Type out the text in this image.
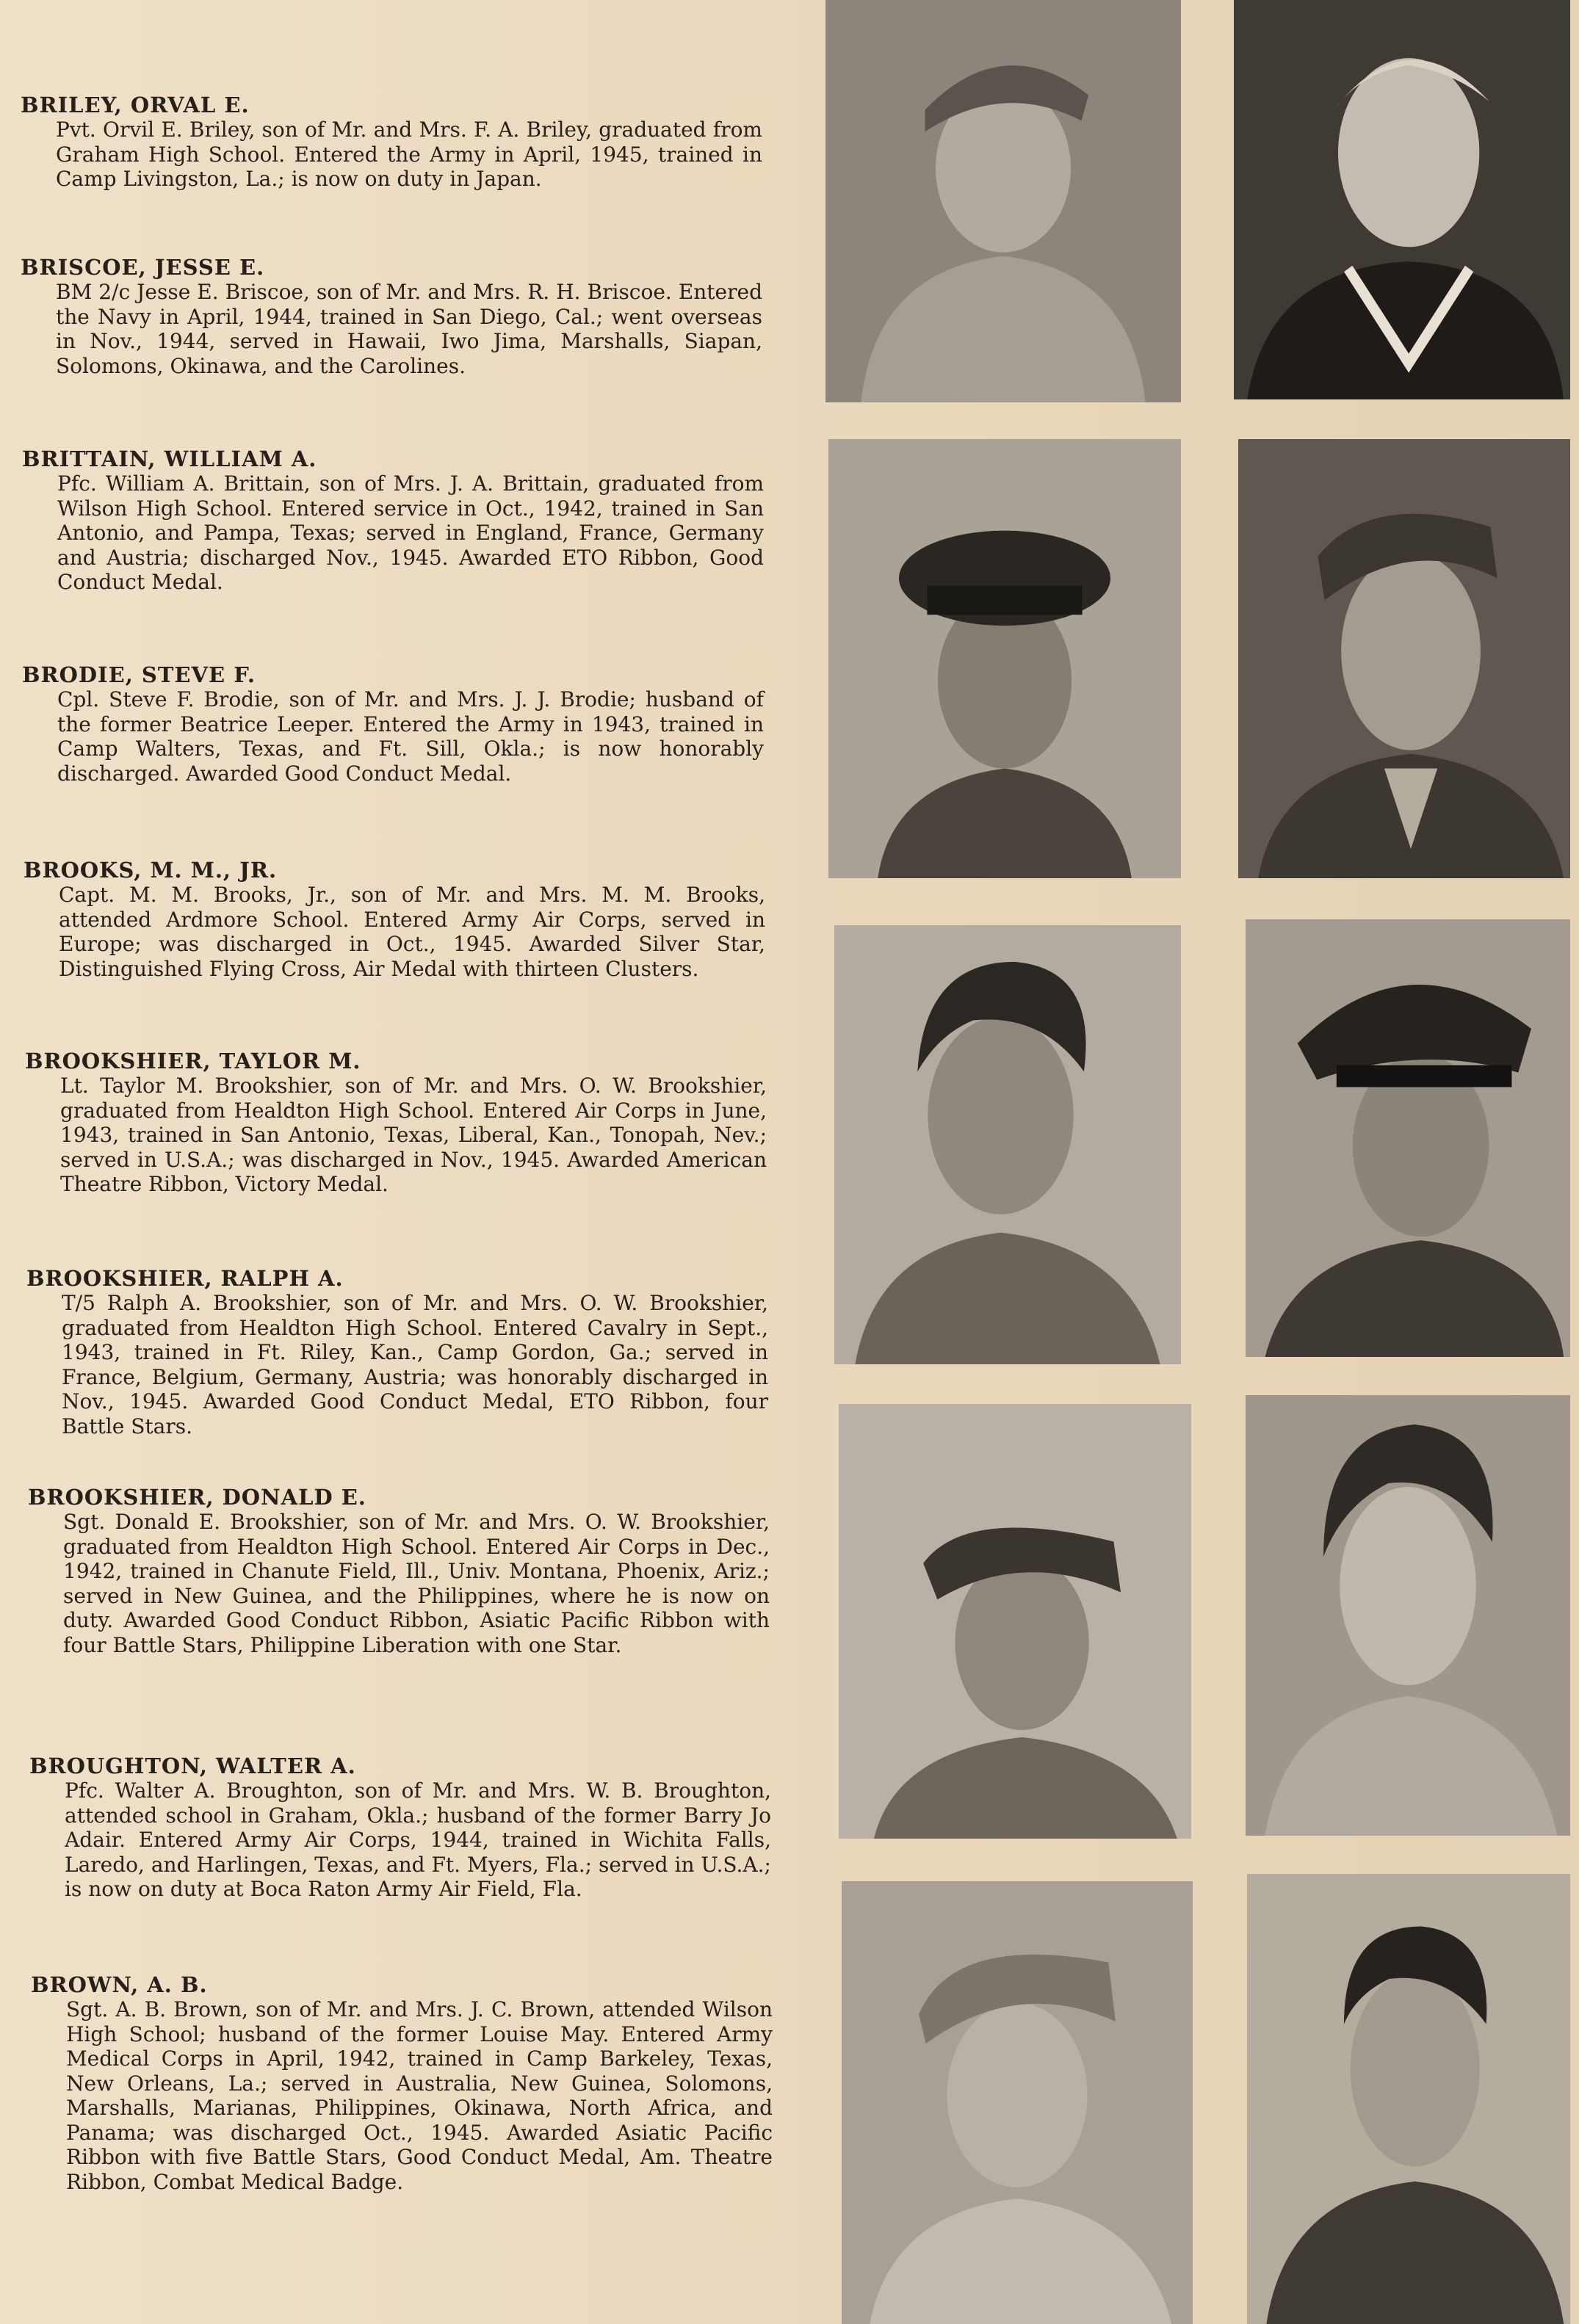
BRILEY, ORVAL E.
Pvt. Orvil E. Briley, son of Mr. and Mrs. F. A. Briley, graduated from Graham High School. Entered the Army in April, 1945, trained in Camp Livingston, La.; is now on duty in Japan.
BRISCOE, JESSE E.
BM 2/c Jesse E. Briscoe, son of Mr. and Mrs. R. H. Briscoe. Entered the Navy in April, 1944, trained in San Diego, Cal.; went overseas in Nov., 1944, served in Hawaii, Iwo Jima, Marshalls, Siapan, Solomons, Okinawa, and the Carolines.
BRITTAIN, WILLIAM A.
Pfc. William A. Brittain, son of Mrs. J. A. Brittain, graduated from Wilson High School. Entered service in Oct., 1942, trained in San Antonio, and Pampa, Texas; served in England, France, Germany and Austria; discharged Nov., 1945. Awarded ETO Ribbon, Good Conduct Medal.
BRODIE, STEVE F.
Cpl. Steve F. Brodie, son of Mr. and Mrs. J. J. Brodie; husband of the former Beatrice Leeper. Entered the Army in 1943, trained in Camp Walters, Texas, and Ft. Sill, Okla.; is now honorably discharged. Awarded Good Conduct Medal.
BROOKS, M. M., JR.
Capt. M. M. Brooks, Jr., son of Mr. and Mrs. M. M. Brooks, attended Ardmore School. Entered Army Air Corps, served in Europe; was discharged in Oct., 1945. Awarded Silver Star, Distinguished Flying Cross, Air Medal with thirteen Clusters.
BROOKSHIER, TAYLOR M.
Lt. Taylor M. Brookshier, son of Mr. and Mrs. O. W. Brookshier, graduated from Healdton High School. Entered Air Corps in June, 1943, trained in San Antonio, Texas, Liberal, Kan., Tonopah, Nev.; served in U.S.A.; was discharged in Nov., 1945. Awarded American Theatre Ribbon, Victory Medal.
BROOKSHIER, RALPH A.
T/5 Ralph A. Brookshier, son of Mr. and Mrs. O. W. Brookshier, graduated from Healdton High School. Entered Cavalry in Sept., 1943, trained in Ft. Riley, Kan., Camp Gordon, Ga.; served in France, Belgium, Germany, Austria; was honorably discharged in Nov., 1945. Awarded Good Conduct Medal, ETO Ribbon, four Battle Stars.
BROOKSHIER, DONALD E.
Sgt. Donald E. Brookshier, son of Mr. and Mrs. O. W. Brookshier, graduated from Healdton High School. Entered Air Corps in Dec., 1942, trained in Chanute Field, Ill., Univ. Montana, Phoenix, Ariz.; served in New Guinea, and the Philippines, where he is now on duty. Awarded Good Conduct Ribbon, Asiatic Pacific Ribbon with four Battle Stars, Philippine Liberation with one Star.
BROUGHTON, WALTER A.
Pfc. Walter A. Broughton, son of Mr. and Mrs. W. B. Broughton, attended school in Graham, Okla.; husband of the former Barry Jo Adair. Entered Army Air Corps, 1944, trained in Wichita Falls, Laredo, and Harlingen, Texas, and Ft. Myers, Fla.; served in U.S.A.; is now on duty at Boca Raton Army Air Field, Fla.
BROWN, A. B.
Sgt. A. B. Brown, son of Mr. and Mrs. J. C. Brown, attended Wilson High School; husband of the former Louise May. Entered Army Medical Corps in April, 1942, trained in Camp Barkeley, Texas, New Orleans, La.; served in Australia, New Guinea, Solomons, Marshalls, Marianas, Philippines, Okinawa, North Africa, and Panama; was discharged Oct., 1945. Awarded Asiatic Pacific Ribbon with five Battle Stars, Good Conduct Medal, Am. Theatre Ribbon, Combat Medical Badge.
